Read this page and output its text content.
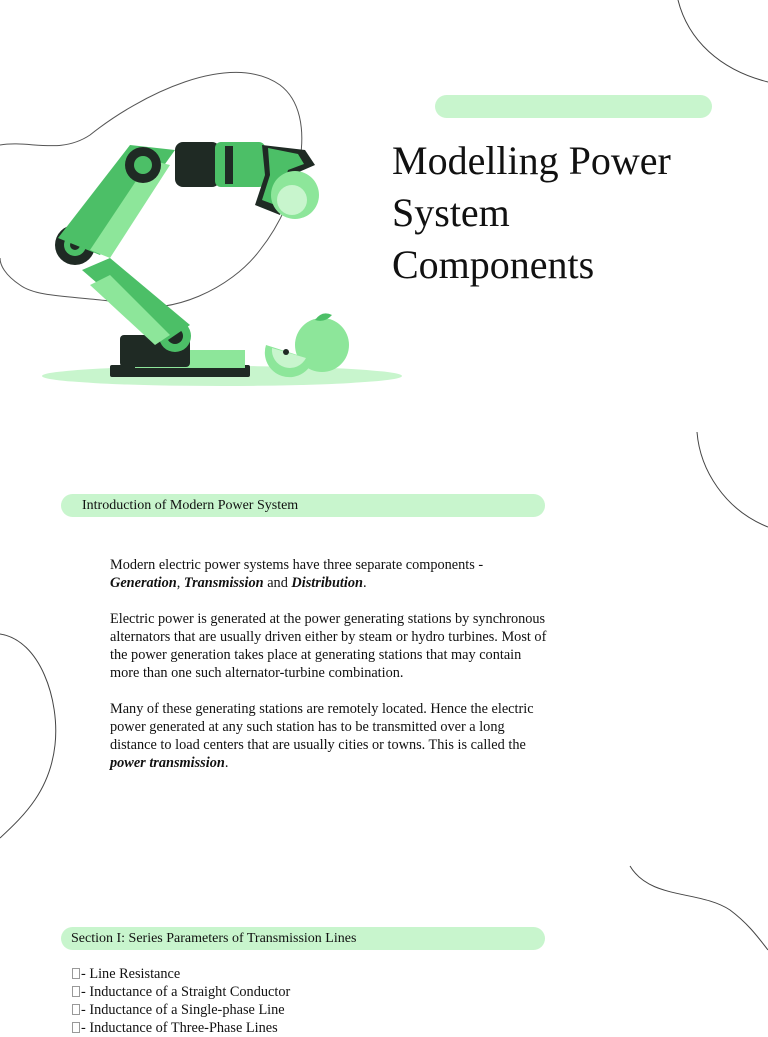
Modelling Power
System
Components
Introduction of Modern Power System

Modern electric power systems have three separate components -
Generation, Transmission and Distribution.

Electric power is generated at the power generating stations by synchronous alternators that are usually driven either by steam or hydro turbines. Most of the power generation takes place at generating stations that may contain more than one such alternator-turbine combination.

Many of these generating stations are remotely located. Hence the electric power generated at any such station has to be transmitted over a long distance to load centers that are usually cities or towns. This is called the power transmission.

Section I: Series Parameters of Transmission Lines
- Line Resistance
- Inductance of a Straight Conductor
- Inductance of a Single-phase Line
- Inductance of Three-Phase Lines
